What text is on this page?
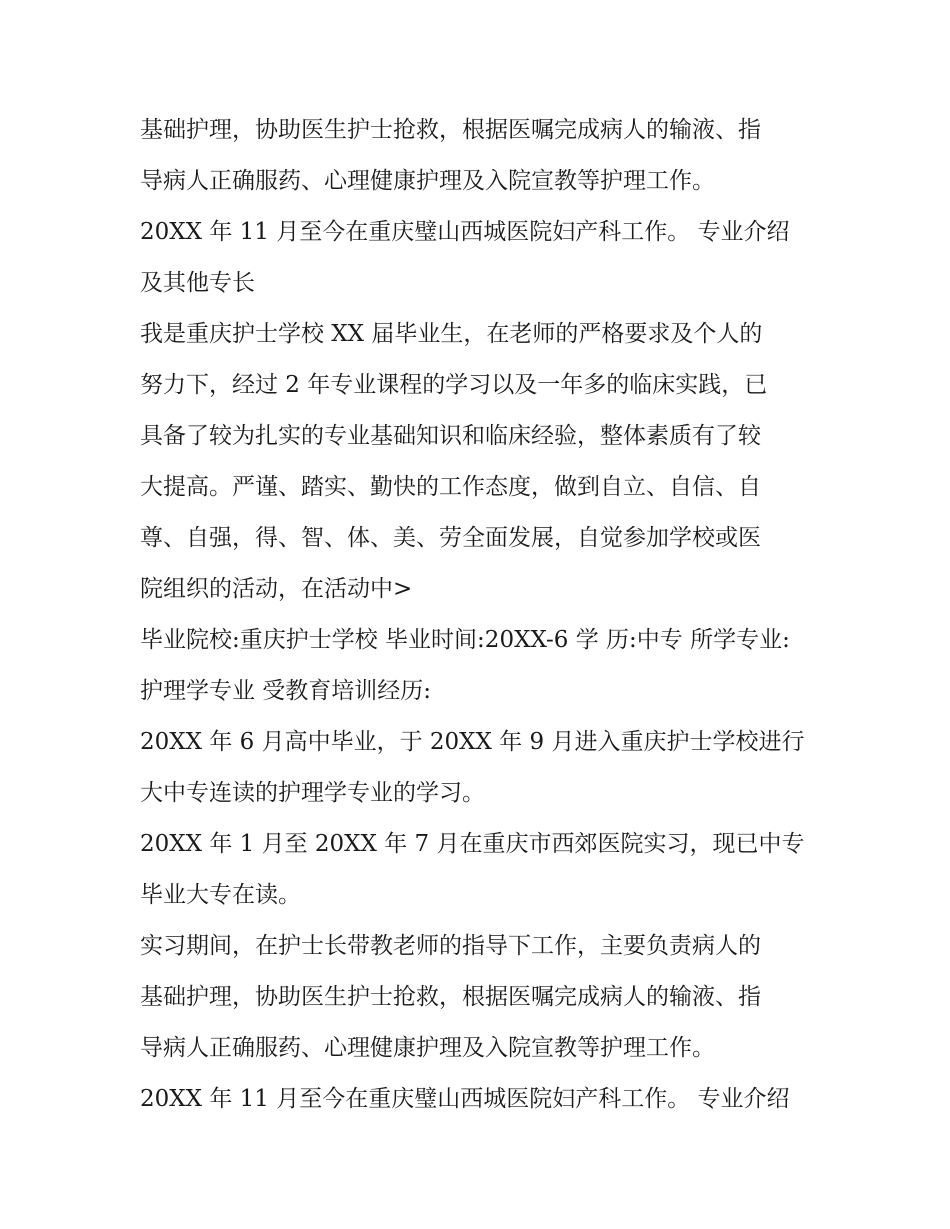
基础护理，协助医生护士抢救，根据医嘱完成病人的输液、指
导病人正确服药、心理健康护理及入院宣教等护理工作。
20XX 年 11 月至今在重庆璧山西城医院妇产科工作。 专业介绍
及其他专长
我是重庆护士学校 XX 届毕业生，在老师的严格要求及个人的
努力下，经过 2 年专业课程的学习以及一年多的临床实践，已
具备了较为扎实的专业基础知识和临床经验，整体素质有了较
大提高。严谨、踏实、勤快的工作态度，做到自立、自信、自
尊、自强，得、智、体、美、劳全面发展，自觉参加学校或医
院组织的活动，在活动中>
毕业院校:重庆护士学校 毕业时间:20XX-6 学 历:中专 所学专业:
护理学专业 受教育培训经历:
20XX 年 6 月高中毕业，于 20XX 年 9 月进入重庆护士学校进行
大中专连读的护理学专业的学习。
20XX 年 1 月至 20XX 年 7 月在重庆市西郊医院实习，现已中专
毕业大专在读。
实习期间，在护士长带教老师的指导下工作，主要负责病人的
基础护理，协助医生护士抢救，根据医嘱完成病人的输液、指
导病人正确服药、心理健康护理及入院宣教等护理工作。
20XX 年 11 月至今在重庆璧山西城医院妇产科工作。 专业介绍
